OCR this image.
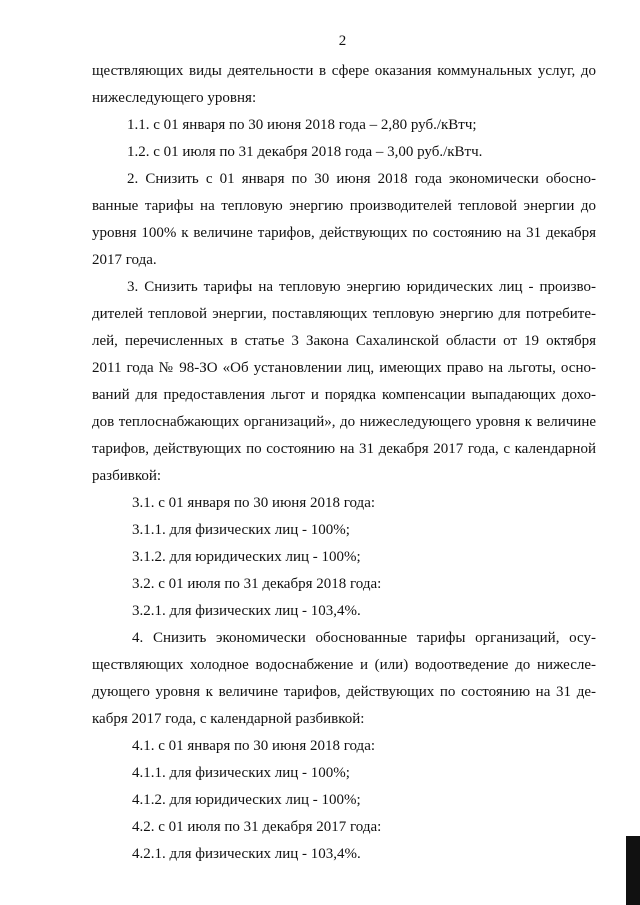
2
ществляющих виды деятельности в сфере оказания коммунальных услуг, до
нижеследующего уровня:
1.1. с 01 января по 30 июня 2018 года – 2,80 руб./кВтч;
1.2. с 01 июля по 31 декабря 2018 года – 3,00 руб./кВтч.
2. Снизить с 01 января по 30 июня 2018 года экономически обосно-
ванные тарифы на тепловую энергию производителей тепловой энергии до
уровня 100% к величине тарифов, действующих по состоянию на 31 декабря
2017 года.
3. Снизить тарифы на тепловую энергию юридических лиц - произво-
дителей тепловой энергии, поставляющих тепловую энергию для потребите-
лей, перечисленных в статье 3 Закона Сахалинской области от 19 октября
2011 года № 98-ЗО «Об установлении лиц, имеющих право на льготы, осно-
ваний для предоставления льгот и порядка компенсации выпадающих дохо-
дов теплоснабжающих организаций», до нижеследующего уровня к величине
тарифов, действующих по состоянию на 31 декабря 2017 года, с календарной
разбивкой:
3.1. с 01 января по 30 июня 2018 года:
3.1.1. для физических лиц - 100%;
3.1.2. для юридических лиц - 100%;
3.2. с 01 июля по 31 декабря 2018 года:
3.2.1. для физических лиц - 103,4%.
4. Снизить экономически обоснованные тарифы организаций, осу-
ществляющих холодное водоснабжение и (или) водоотведение до нижесле-
дующего уровня к величине тарифов, действующих по состоянию на 31 де-
кабря 2017 года, с календарной разбивкой:
4.1. с 01 января по 30 июня 2018 года:
4.1.1. для физических лиц - 100%;
4.1.2. для юридических лиц - 100%;
4.2. с 01 июля по 31 декабря 2017 года:
4.2.1. для физических лиц - 103,4%.
